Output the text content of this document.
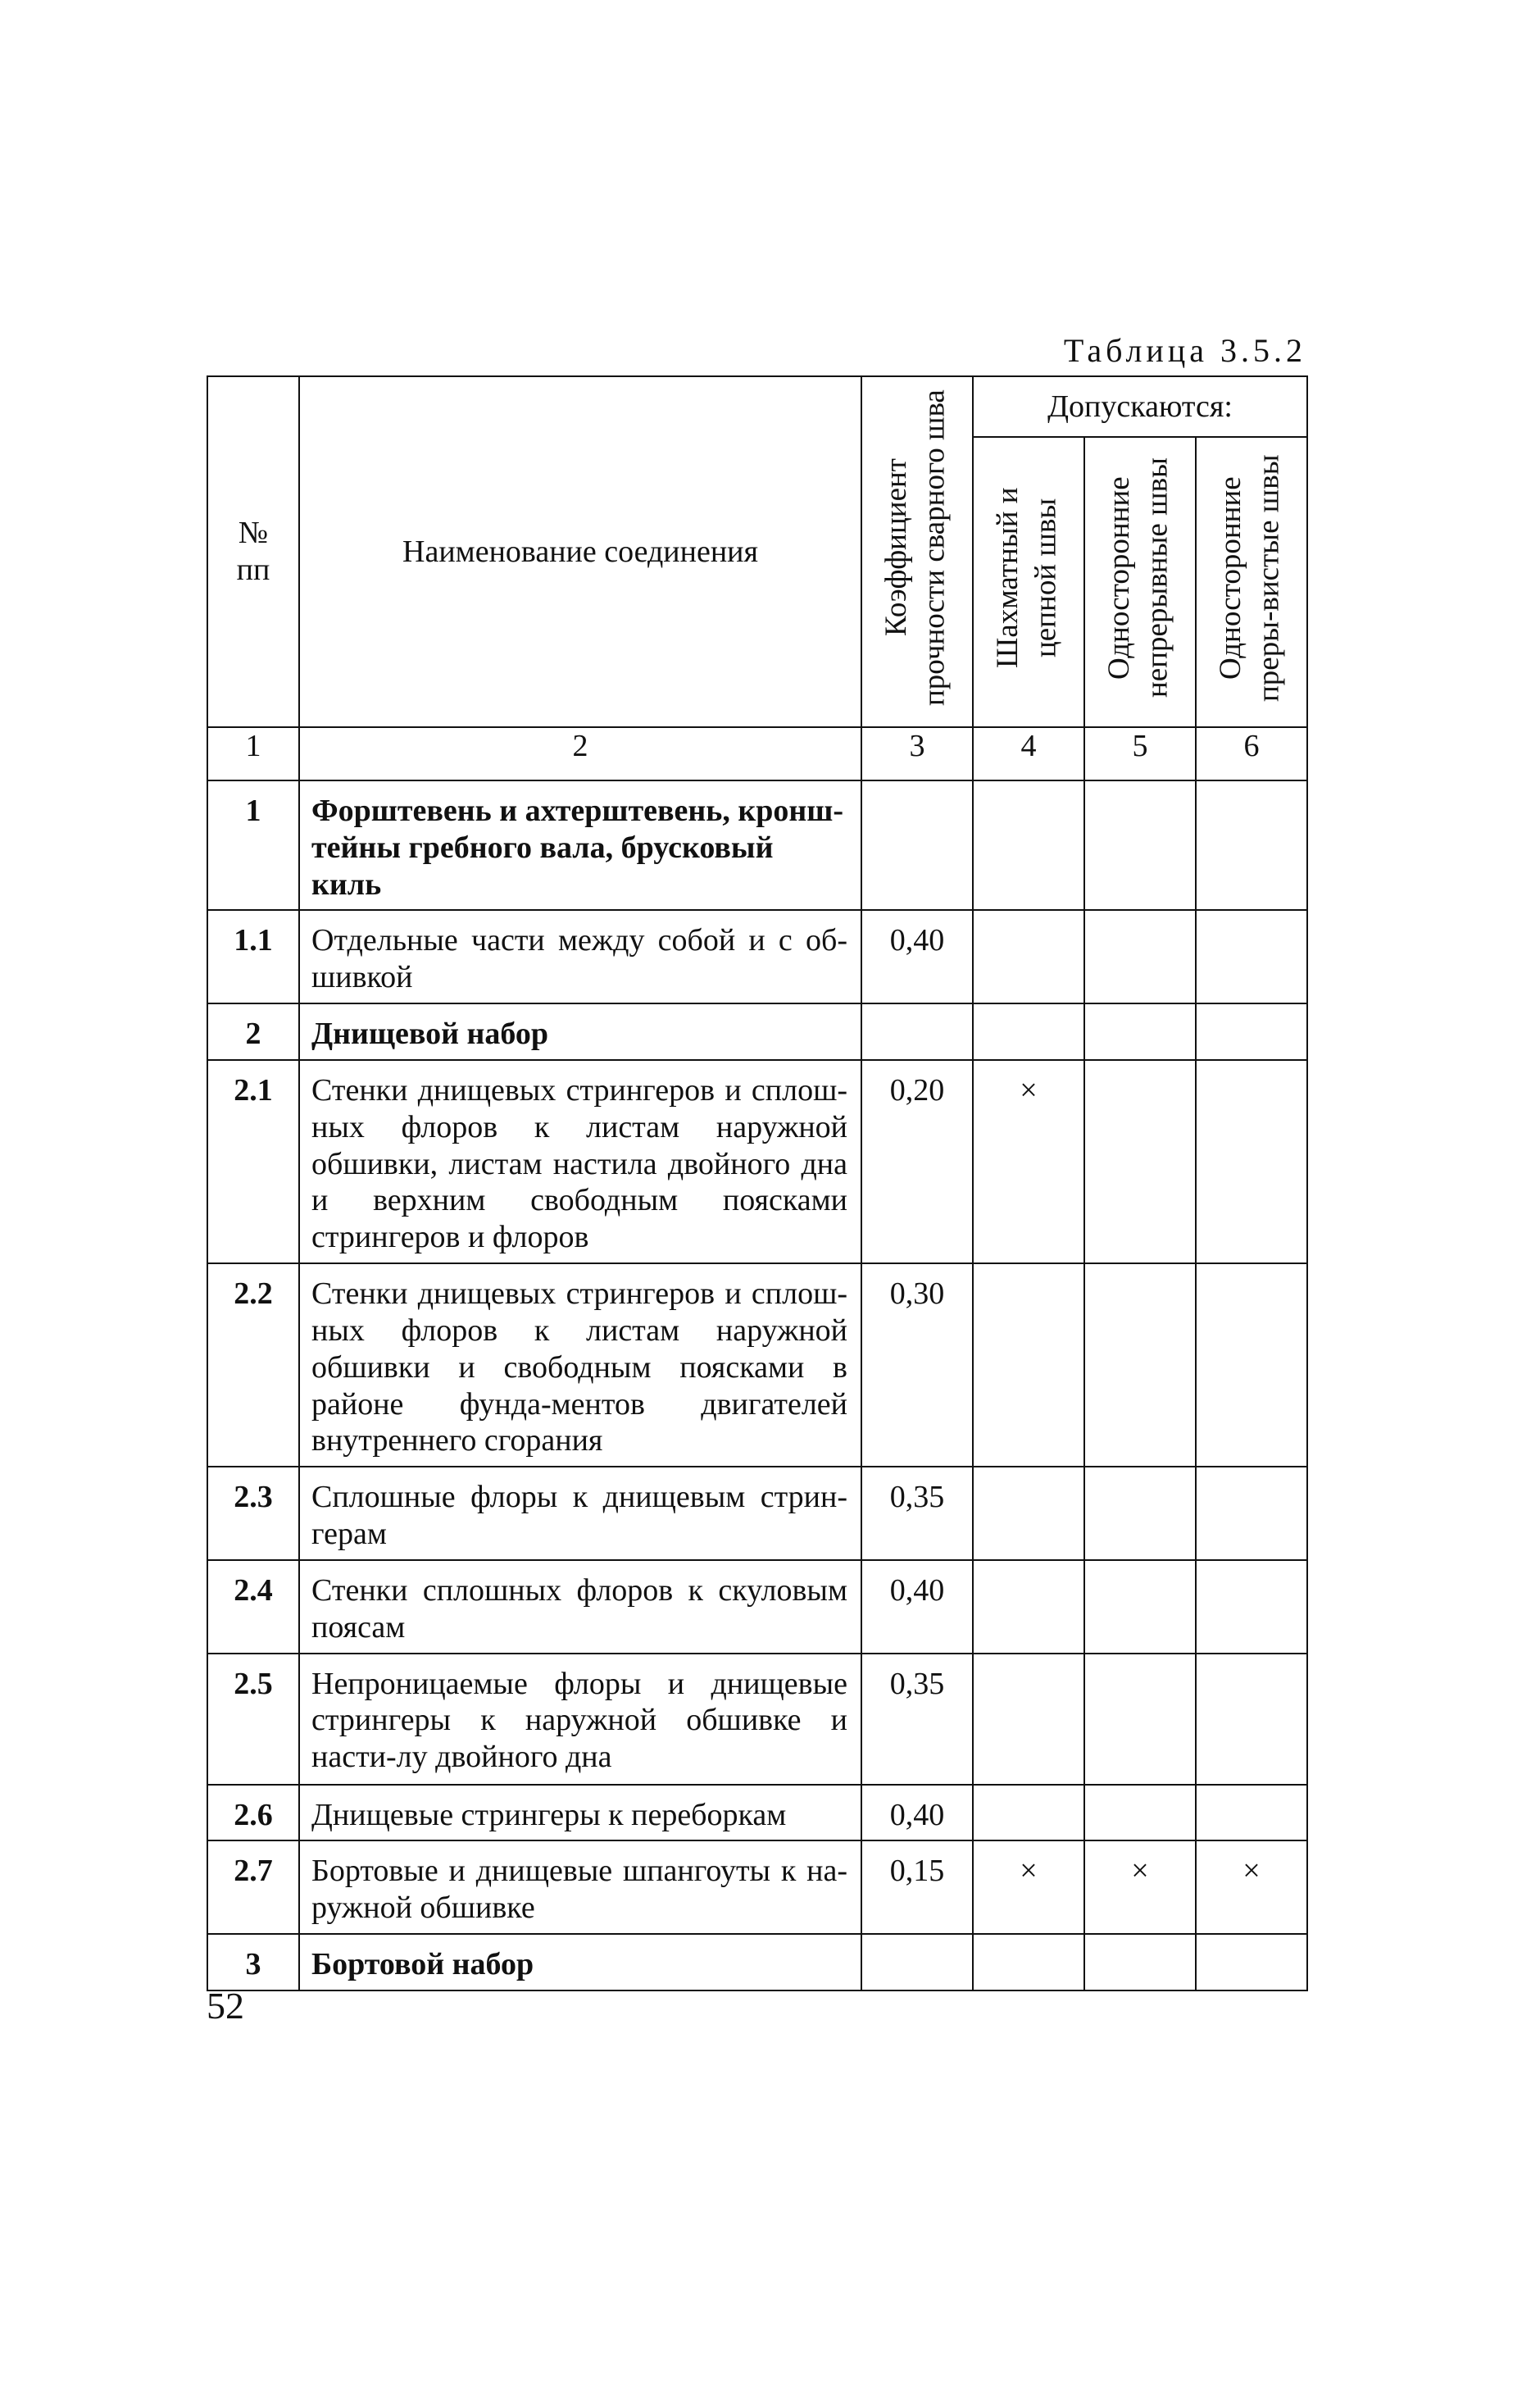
Таблица 3.5.2
№
пп	Наименование соединения	Коэффициент прочности сварного шва	Допускаются:		
			Шахматный и цепной швы	Односторонние непрерывные швы	Односторонние преры-вистые швы
1	2	3	4	5	6
1	Форштевень и ахтерштевень, кронш-тейны гребного вала, брусковый киль				
1.1	Отдельные части между собой и с об-шивкой	0,40			
2	Днищевой набор				
2.1	Стенки днищевых стрингеров и сплош-ных флоров к листам наружной обшивки, листам настила двойного дна и верхним свободным поясками стрингеров и флоров	0,20	×		
2.2	Стенки днищевых стрингеров и сплош-ных флоров к листам наружной обшивки и свободным поясками в районе фунда-ментов двигателей внутреннего сгорания	0,30			
2.3	Сплошные флоры к днищевым стрин-герам	0,35			
2.4	Стенки сплошных флоров к скуловым поясам	0,40			
2.5	Непроницаемые флоры и днищевые стрингеры к наружной обшивке и насти-лу двойного дна	0,35			
2.6	Днищевые стрингеры к переборкам	0,40			
2.7	Бортовые и днищевые шпангоуты к на-ружной обшивке	0,15	×	×	×
3	Бортовой набор				
52
